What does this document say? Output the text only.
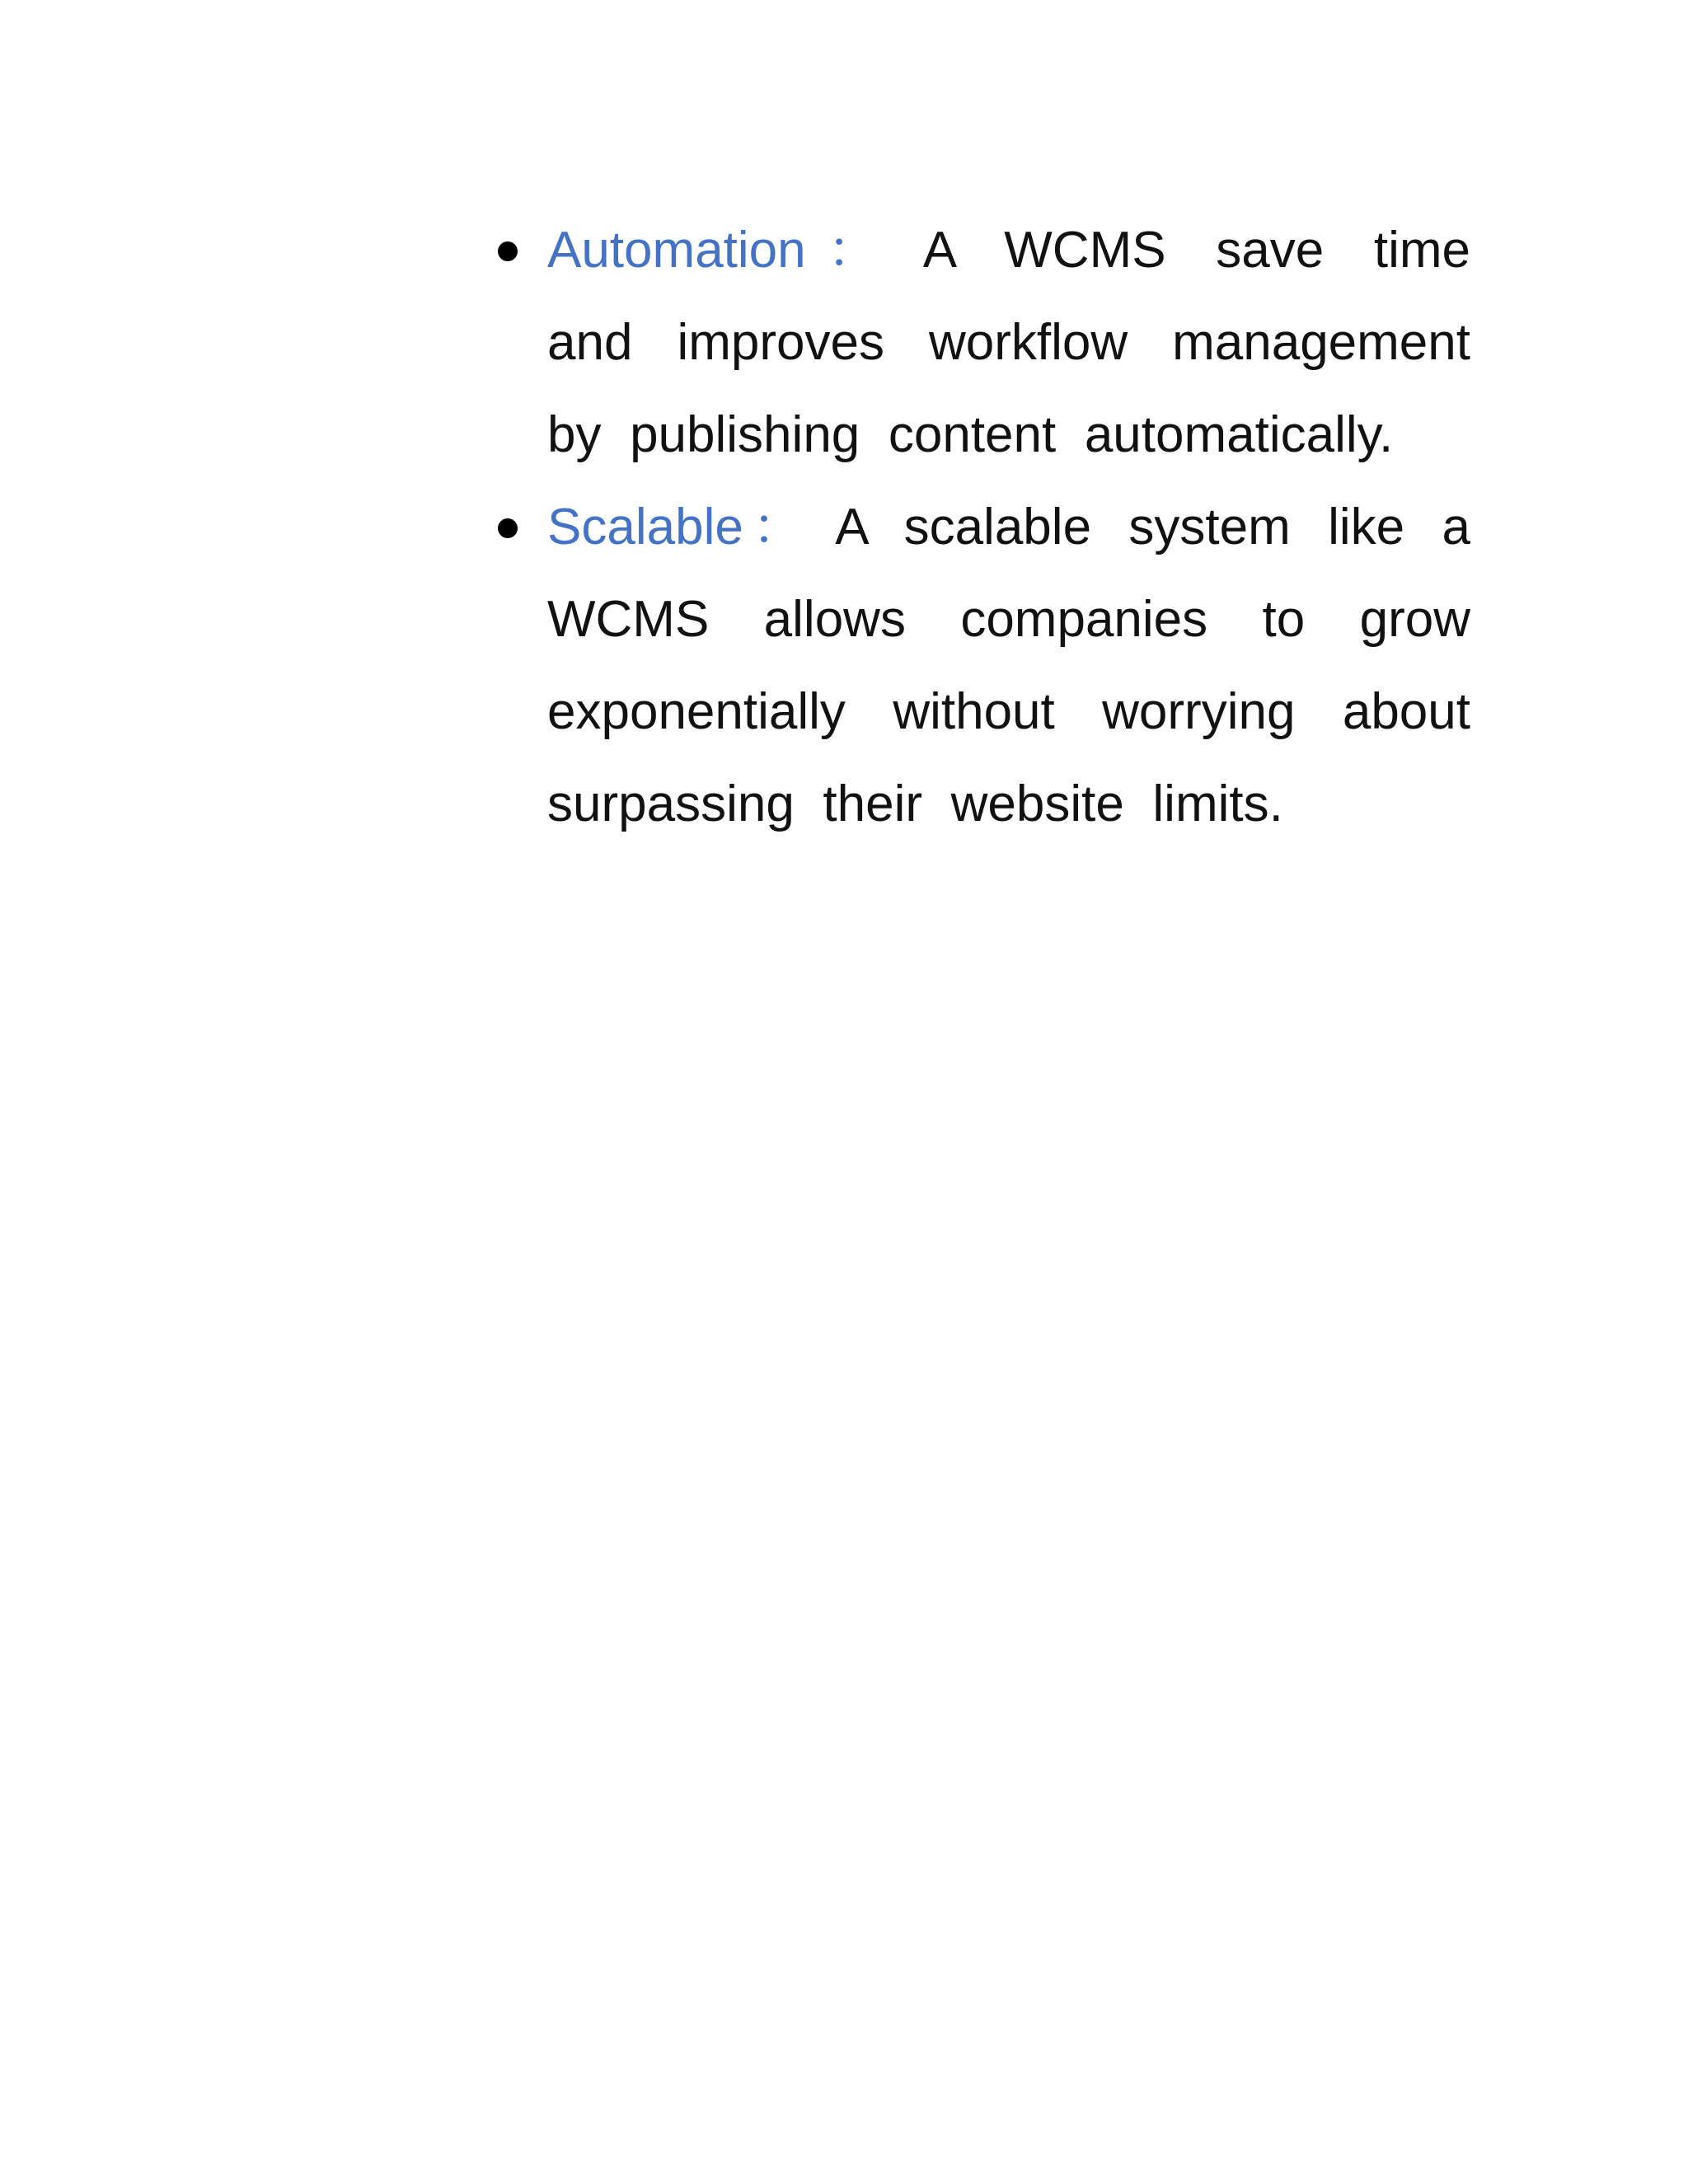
Automation： A WCMS save time and improves workflow management by publishing content automatically.
Scalable： A scalable system like a WCMS allows companies to grow exponentially without worrying about surpassing their website limits.
